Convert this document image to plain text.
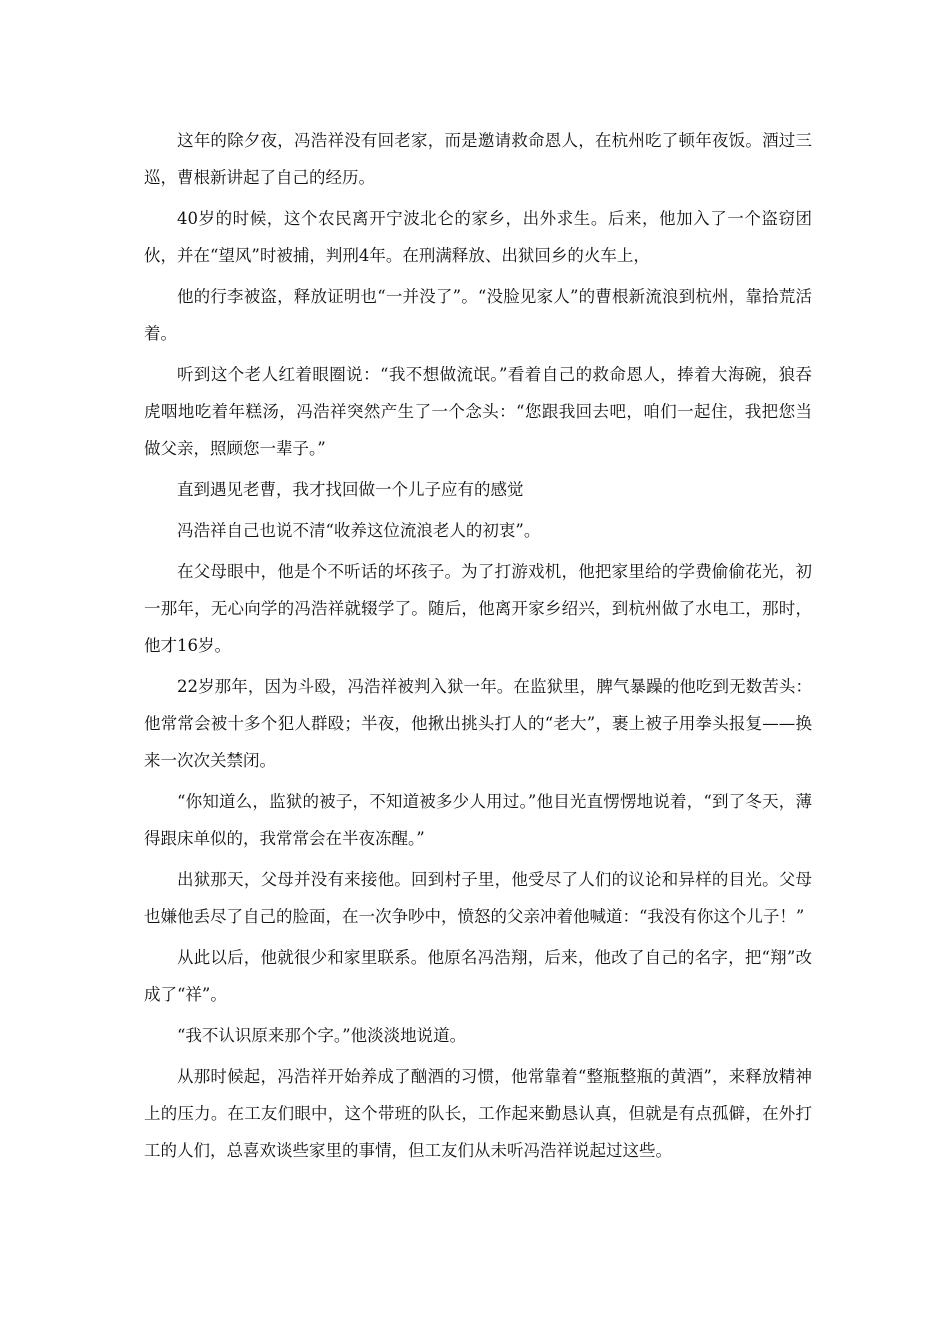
这年的除夕夜，冯浩祥没有回老家，而是邀请救命恩人，在杭州吃了顿年夜饭。酒过三巡，曹根新讲起了自己的经历。

40岁的时候，这个农民离开宁波北仑的家乡，出外求生。后来，他加入了一个盗窃团伙，并在“望风”时被捕，判刑4年。在刑满释放、出狱回乡的火车上，

他的行李被盗，释放证明也“一并没了”。“没脸见家人”的曹根新流浪到杭州，靠拾荒活着。

听到这个老人红着眼圈说：“我不想做流氓。”看着自己的救命恩人，捧着大海碗，狼吞虎咽地吃着年糕汤，冯浩祥突然产生了一个念头：“您跟我回去吧，咱们一起住，我把您当做父亲，照顾您一辈子。”

直到遇见老曹，我才找回做一个儿子应有的感觉

冯浩祥自己也说不清“收养这位流浪老人的初衷”。

在父母眼中，他是个不听话的坏孩子。为了打游戏机，他把家里给的学费偷偷花光，初一那年，无心向学的冯浩祥就辍学了。随后，他离开家乡绍兴，到杭州做了水电工，那时，他才16岁。

22岁那年，因为斗殴，冯浩祥被判入狱一年。在监狱里，脾气暴躁的他吃到无数苦头：他常常会被十多个犯人群殴；半夜，他揪出挑头打人的“老大”，裹上被子用拳头报复——换来一次次关禁闭。

“你知道么，监狱的被子，不知道被多少人用过。”他目光直愣愣地说着，“到了冬天，薄得跟床单似的，我常常会在半夜冻醒。”

出狱那天，父母并没有来接他。回到村子里，他受尽了人们的议论和异样的目光。父母也嫌他丢尽了自己的脸面，在一次争吵中，愤怒的父亲冲着他喊道：“我没有你这个儿子！”

从此以后，他就很少和家里联系。他原名冯浩翔，后来，他改了自己的名字，把“翔”改成了“祥”。

“我不认识原来那个字。”他淡淡地说道。

从那时候起，冯浩祥开始养成了酗酒的习惯，他常靠着“整瓶整瓶的黄酒”，来释放精神上的压力。在工友们眼中，这个带班的队长，工作起来勤恳认真，但就是有点孤僻，在外打工的人们，总喜欢谈些家里的事情，但工友们从未听冯浩祥说起过这些。
